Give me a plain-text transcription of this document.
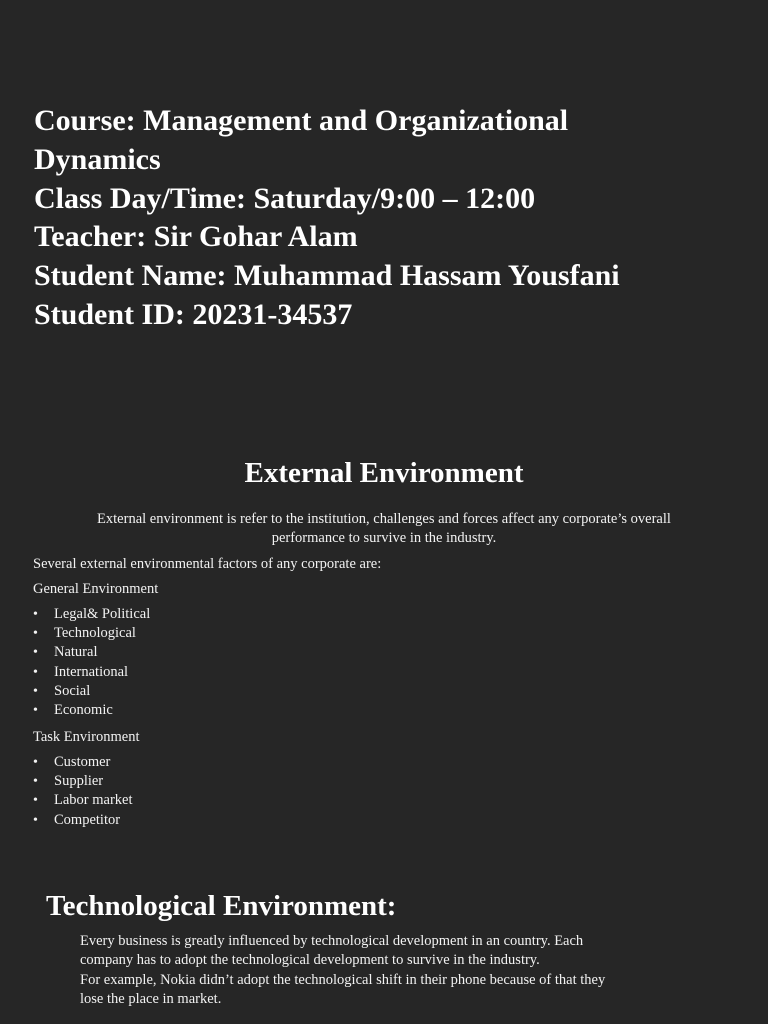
Course: Management and Organizational
Dynamics
Class Day/Time: Saturday/9:00 – 12:00
Teacher: Sir Gohar Alam
Student Name: Muhammad Hassam Yousfani
Student ID: 20231-34537
External Environment
External environment is refer to the institution, challenges and forces affect any corporate’s overall
performance to survive in the industry.
Several external environmental factors of any corporate are:
General Environment
• Legal& Political
• Technological
• Natural
• International
• Social
• Economic
Task Environment
• Customer
• Supplier
• Labor market
• Competitor
Technological Environment:
Every business is greatly influenced by technological development in an country. Each
company has to adopt the technological development to survive in the industry.
For example, Nokia didn’t adopt the technological shift in their phone because of that they
lose the place in market.
